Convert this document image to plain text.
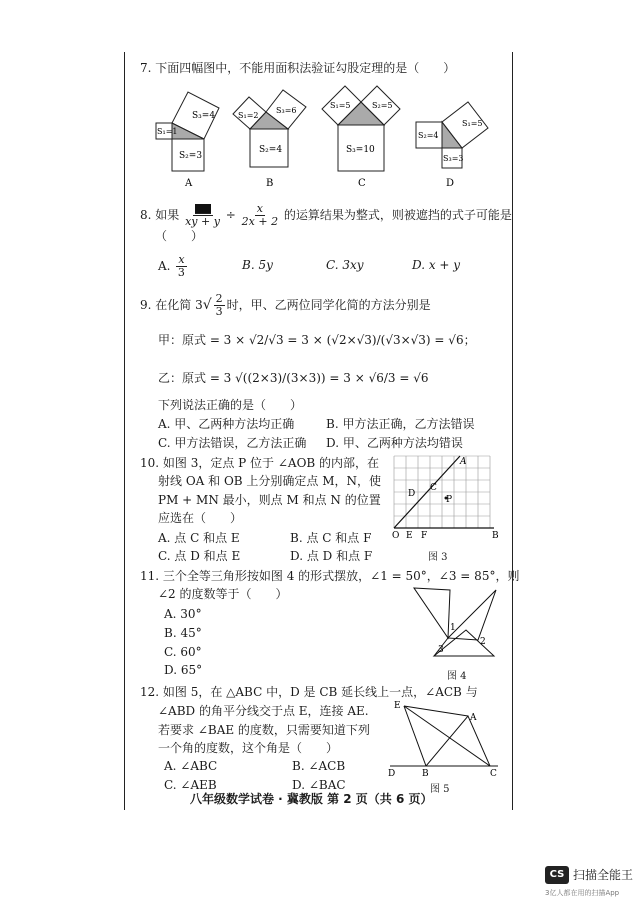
7. 下面四幅图中，不能用面积法验证勾股定理的是（　　）
S₁=1
S₂=3
S₃=4
A
S₁=2
S₂=4
S₃=6
B
S₁=5	S₂=5
S₃=10
C
S₃=3
S₂=4
S₁=5
D
8. 如果 xy + $y \div \frac{x}{2x + 2}$ 的运算结果为整式，则被遮挡的式子可能是
（　　）
A. $\frac{x}{3}$	B. 5y	C. 3xy	D. x + y
9. 在化简 $3√ \frac{2}{3}$ 时，甲、乙两位同学化简的方法分别是
甲：原式 = 3 × √2/√3 = 3 × (√2×√3)/(√3×√3) = √6；
乙：原式 = 3 √((2×3)/(3×3)) = 3 × √6/3 = √6
下列说法正确的是（　　）
A. 甲、乙两种方法均正确	B. 甲方法正确，乙方法错误
C. 甲方法错误，乙方法正确 D. 甲、乙两种方法均错误
10. 如图 3，定点 P 位于 ∠AOB 的内部，在
射线 OA 和 OB 上分别确定点 M，N，使
PM + MN 最小，则点 M 和点 N 的位置
应选在（　　）
A. 点 C 和点 E	B. 点 C 和点 F
C. 点 D 和点 E	D. 点 D 和点 F
A
C
D
P
O E F	B
图 3
11. 三个全等三角形按如图 4 的形式摆放，∠1 = 50°，∠3 = 85°，则
∠2 的度数等于（　　）
A. 30°
B. 45°
C. 60°
D. 65°
1
2
3
图 4
12. 如图 5，在 △ABC 中，D 是 CB 延长线上一点，∠ACB 与
∠ABD 的角平分线交于点 E，连接 AE.
若要求 ∠BAE 的度数，只需要知道下列
一个角的度数，这个角是（　　）
A. ∠ABC	B. ∠ACB
C. ∠AEB	D. ∠BAC
E
A
D	B	C
图 5
八年级数学试卷 · 冀教版 第 2 页（共 6 页）
CS 扫描全能王
3亿人都在用的扫描App
